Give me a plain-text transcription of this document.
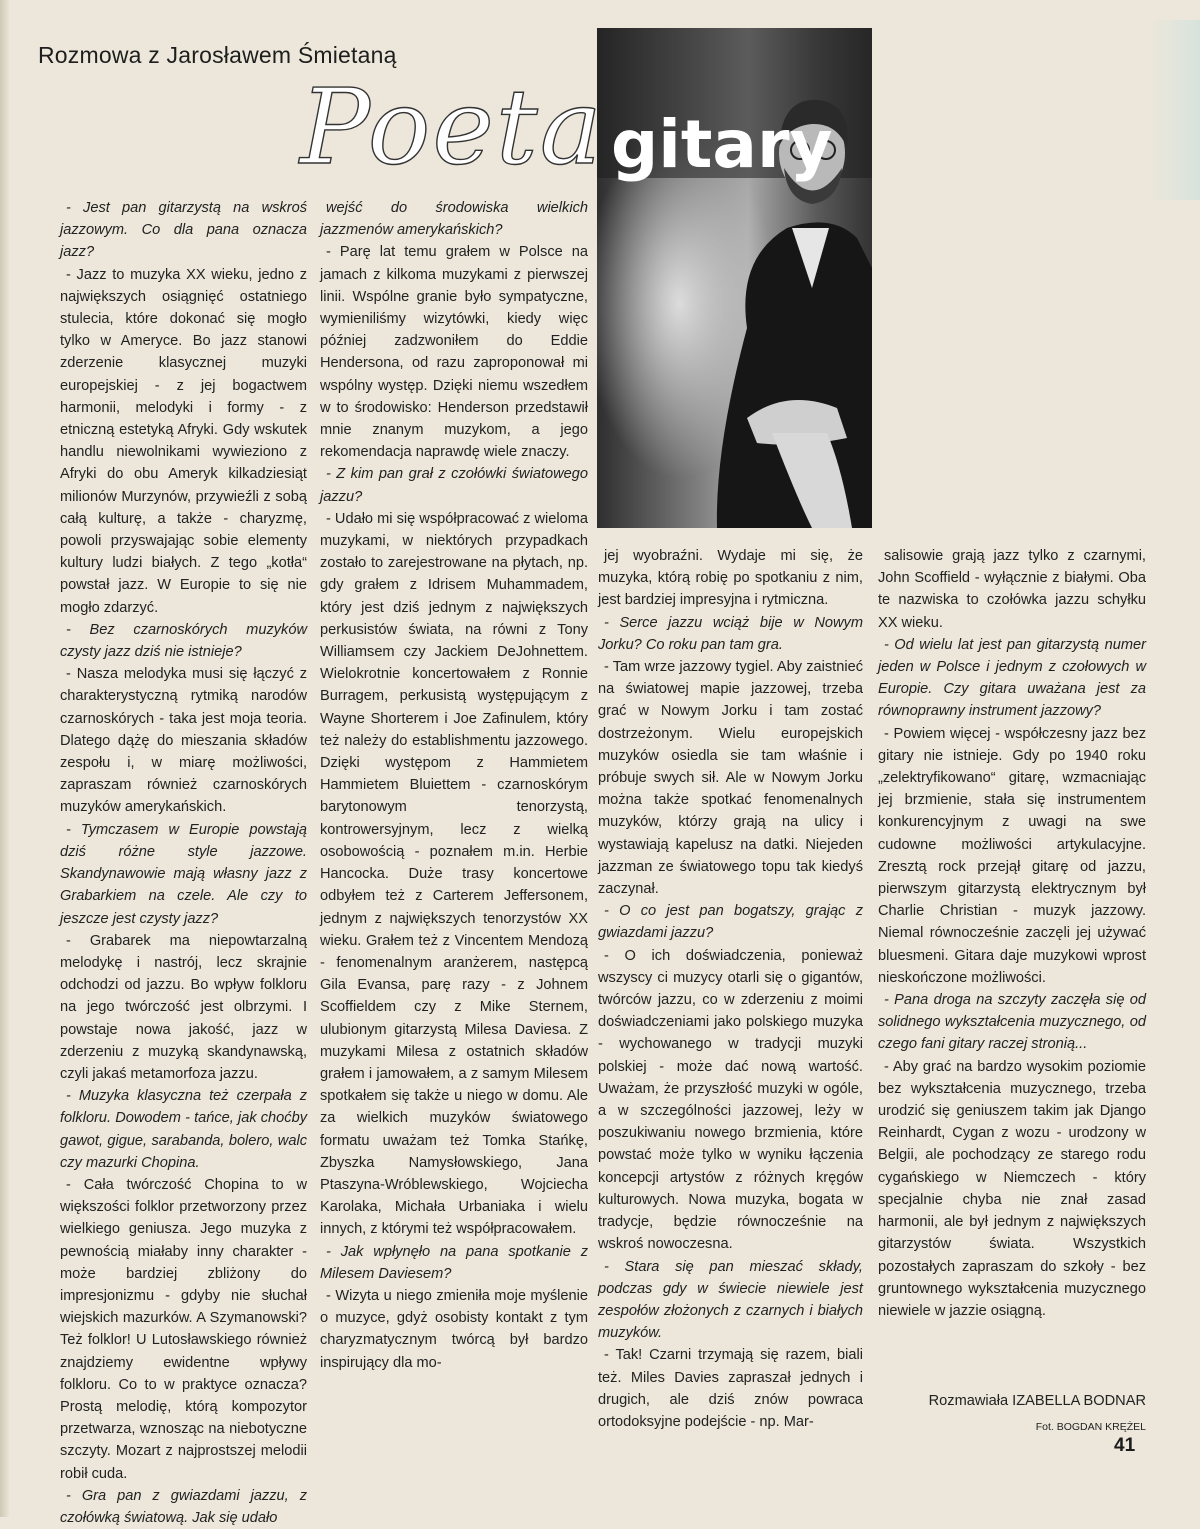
Rozmowa z Jarosławem Śmietaną
Poeta gitary

- Jest pan gitarzystą na wskroś jazzowym. Co dla pana oznacza jazz?

- Jazz to muzyka XX wieku, jedno z największych osiągnięć ostatniego stulecia, które dokonać się mogło tylko w Ameryce. Bo jazz stanowi zderzenie klasycznej muzyki europejskiej - z jej bogactwem harmonii, melodyki i formy - z etniczną estetyką Afryki. Gdy wskutek handlu niewolnikami wywieziono z Afryki do obu Ameryk kilkadziesiąt milionów Murzynów, przywieźli z sobą całą kulturę, a także - charyzmę, powoli przyswajając sobie elementy kultury ludzi białych. Z tego „kotła“ powstał jazz. W Europie to się nie mogło zdarzyć.

- Bez czarnoskórych muzyków czysty jazz dziś nie istnieje?

- Nasza melodyka musi się łączyć z charakterystyczną rytmiką narodów czarnoskórych - taka jest moja teoria. Dlatego dążę do mieszania składów zespołu i, w miarę możliwości, zapraszam również czarnoskórych muzyków amerykańskich.

- Tymczasem w Europie powstają dziś różne style jazzowe. Skandynawowie mają własny jazz z Grabarkiem na czele. Ale czy to jeszcze jest czysty jazz?

- Grabarek ma niepowtarzalną melodykę i nastrój, lecz skrajnie odchodzi od jazzu. Bo wpływ folkloru na jego twórczość jest olbrzymi. I powstaje nowa jakość, jazz w zderzeniu z muzyką skandynawską, czyli jakaś metamorfoza jazzu.

- Muzyka klasyczna też czerpała z folkloru. Dowodem - tańce, jak choćby gawot, gigue, sarabanda, bolero, walc czy mazurki Chopina.

- Cała twórczość Chopina to w większości folklor przetworzony przez wielkiego geniusza. Jego muzyka z pewnością miałaby inny charakter - może bardziej zbliżony do impresjonizmu - gdyby nie słuchał wiejskich mazurków. A Szymanowski? Też folklor! U Lutosławskiego również znajdziemy ewidentne wpływy folkloru. Co to w praktyce oznacza? Prostą melodię, którą kompozytor przetwarza, wznosząc na niebotyczne szczyty. Mozart z najprostszej melodii robił cuda.

- Gra pan z gwiazdami jazzu, z czołówką światową. Jak się udało

wejść do środowiska wielkich jazzmenów amerykańskich?

- Parę lat temu grałem w Polsce na jamach z kilkoma muzykami z pierwszej linii. Wspólne granie było sympatyczne, wymieniliśmy wizytówki, kiedy więc później zadzwoniłem do Eddie Hendersona, od razu zaproponował mi wspólny występ. Dzięki niemu wszedłem w to środowisko: Henderson przedstawił mnie znanym muzykom, a jego rekomendacja naprawdę wiele znaczy.

- Z kim pan grał z czołówki światowego jazzu?

- Udało mi się współpracować z wieloma muzykami, w niektórych przypadkach zostało to zarejestrowane na płytach, np. gdy grałem z Idrisem Muhammadem, który jest dziś jednym z największych perkusistów świata, na równi z Tony Williamsem czy Jackiem DeJohnettem. Wielokrotnie koncertowałem z Ronnie Burragem, perkusistą występującym z Wayne Shorterem i Joe Zafinulem, który też należy do establishmentu jazzowego. Dzięki występom z Hammietem Hammietem Bluiettem - czarnoskórym barytonowym tenorzystą, kontrowersyjnym, lecz z wielką osobowością - poznałem m.in. Herbie Hancocka. Duże trasy koncertowe odbyłem też z Carterem Jeffersonem, jednym z największych tenorzystów XX wieku. Grałem też z Vincentem Mendozą - fenomenalnym aranżerem, następcą Gila Evansa, parę razy - z Johnem Scoffieldem czy z Mike Sternem, ulubionym gitarzystą Milesa Daviesa. Z muzykami Milesa z ostatnich składów grałem i jamowałem, a z samym Milesem spotkałem się także u niego w domu. Ale za wielkich muzyków światowego formatu uważam też Tomka Stańkę, Zbyszka Namysłowskiego, Jana Ptaszyna-Wróblewskiego, Wojciecha Karolaka, Michała Urbaniaka i wielu innych, z którymi też współpracowałem.

- Jak wpłynęło na pana spotkanie z Milesem Daviesem?

- Wizyta u niego zmieniła moje myślenie o muzyce, gdyż osobisty kontakt z tym charyzmatycznym twórcą był bardzo inspirujący dla mo-

jej wyobraźni. Wydaje mi się, że muzyka, którą robię po spotkaniu z nim, jest bardziej impresyjna i rytmiczna.

- Serce jazzu wciąż bije w Nowym Jorku? Co roku pan tam gra.

- Tam wrze jazzowy tygiel. Aby zaistnieć na światowej mapie jazzowej, trzeba grać w Nowym Jorku i tam zostać dostrzeżonym. Wielu europejskich muzyków osiedla sie tam właśnie i próbuje swych sił. Ale w Nowym Jorku można także spotkać fenomenalnych muzyków, którzy grają na ulicy i wystawiają kapelusz na datki. Niejeden jazzman ze światowego topu tak kiedyś zaczynał.

- O co jest pan bogatszy, grając z gwiazdami jazzu?

- O ich doświadczenia, ponieważ wszyscy ci muzycy otarli się o gigantów, twórców jazzu, co w zderzeniu z moimi doświadczeniami jako polskiego muzyka - wychowanego w tradycji muzyki polskiej - może dać nową wartość. Uważam, że przyszłość muzyki w ogóle, a w szczególności jazzowej, leży w poszukiwaniu nowego brzmienia, które powstać może tylko w wyniku łączenia koncepcji artystów z różnych kręgów kulturowych. Nowa muzyka, bogata w tradycje, będzie równocześnie na wskroś nowoczesna.

- Stara się pan mieszać składy, podczas gdy w świecie niewiele jest zespołów złożonych z czarnych i białych muzyków.

- Tak! Czarni trzymają się razem, biali też. Miles Davies zapraszał jednych i drugich, ale dziś znów powraca ortodoksyjne podejście - np. Mar-

salisowie grają jazz tylko z czarnymi, John Scoffield - wyłącznie z białymi. Oba te nazwiska to czołówka jazzu schyłku XX wieku.

- Od wielu lat jest pan gitarzystą numer jeden w Polsce i jednym z czołowych w Europie. Czy gitara uważana jest za równoprawny instrument jazzowy?

- Powiem więcej - współczesny jazz bez gitary nie istnieje. Gdy po 1940 roku „zelektryfikowano“ gitarę, wzmacniając jej brzmienie, stała się instrumentem konkurencyjnym z uwagi na swe cudowne możliwości artykulacyjne. Zresztą rock przejął gitarę od jazzu, pierwszym gitarzystą elektrycznym był Charlie Christian - muzyk jazzowy. Niemal równocześnie zaczęli jej używać bluesmeni. Gitara daje muzykowi wprost nieskończone możliwości.

- Pana droga na szczyty zaczęła się od solidnego wykształcenia muzycznego, od czego fani gitary raczej stronią...

- Aby grać na bardzo wysokim poziomie bez wykształcenia muzycznego, trzeba urodzić się geniuszem takim jak Django Reinhardt, Cygan z wozu - urodzony w Belgii, ale pochodzący ze starego rodu cygańskiego w Niemczech - który specjalnie chyba nie znał zasad harmonii, ale był jednym z największych gitarzystów świata. Wszystkich pozostałych zapraszam do szkoły - bez gruntownego wykształcenia muzycznego niewiele w jazzie osiągną.

Rozmawiała IZABELLA BODNAR
Fot. BOGDAN KRĘŻEL
41
